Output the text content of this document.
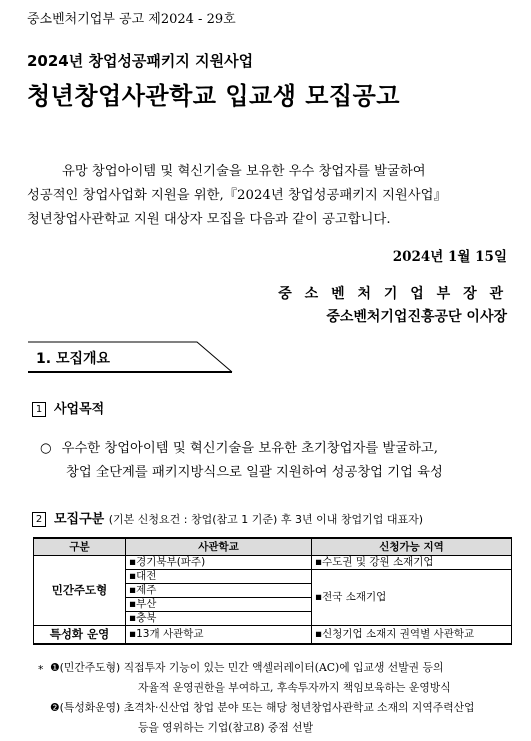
중소벤처기업부 공고 제2024 - 29호
2024년 창업성공패키지 지원사업
청년창업사관학교 입교생 모집공고
유망 창업아이템 및 혁신기술을 보유한 우수 창업자를 발굴하여
성공적인 창업사업화 지원을 위한,『2024년 창업성공패키지 지원사업』
청년창업사관학교 지원 대상자 모집을 다음과 같이 공고합니다.
2024년 1월 15일
중 소 벤 처 기 업 부 장 관
중소벤처기업진흥공단 이사장
1. 모집개요
1 사업목적
○ 우수한 창업아이템 및 혁신기술을 보유한 초기창업자를 발굴하고,
창업 全단계를 패키지방식으로 일괄 지원하여 성공창업 기업 육성
2 모집구분 (기본 신청요건 : 창업(참고 1 기준) 후 3년 이내 창업기업 대표자)
구분	사관학교	신청가능 지역
민간주도형	▪경기북부(파주)	▪수도권 및 강원 소재기업
	▪대전	▪전국 소재기업
	▪제주	
	▪부산	
	▪충북	
특성화 운영	▪13개 사관학교	▪신청기업 소재지 권역별 사관학교
* ❶(민간주도형) 직접투자 기능이 있는 민간 액셀러레이터(AC)에 입교생 선발권 등의
자율적 운영권한을 부여하고, 후속투자까지 책임보육하는 운영방식
❷(특성화운영) 초격차·신산업 창업 분야 또는 해당 청년창업사관학교 소재의 지역주력산업
등을 영위하는 기업(참고8) 중점 선발
